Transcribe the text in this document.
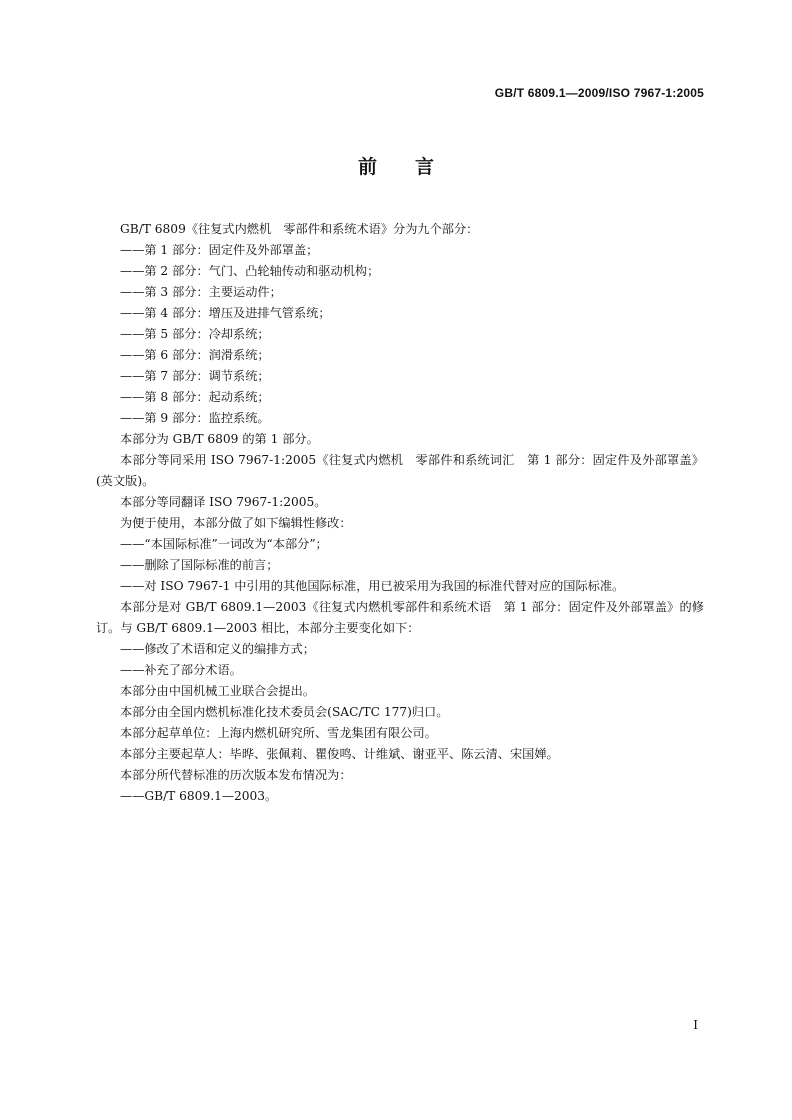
GB/T 6809.1—2009/ISO 7967-1:2005
前言

GB/T 6809《往复式内燃机　零部件和系统术语》分为九个部分：

——第 1 部分：固定件及外部罩盖；

——第 2 部分：气门、凸轮轴传动和驱动机构；

——第 3 部分：主要运动件；

——第 4 部分：增压及进排气管系统；

——第 5 部分：冷却系统；

——第 6 部分：润滑系统；

——第 7 部分：调节系统；

——第 8 部分：起动系统；

——第 9 部分：监控系统。

本部分为 GB/T 6809 的第 1 部分。

本部分等同采用 ISO 7967-1:2005《往复式内燃机　零部件和系统词汇　第 1 部分：固定件及外部罩盖》(英文版)。

本部分等同翻译 ISO 7967-1:2005。

为便于使用，本部分做了如下编辑性修改：

——“本国际标准”一词改为“本部分”；

——删除了国际标准的前言；

——对 ISO 7967-1 中引用的其他国际标准，用已被采用为我国的标准代替对应的国际标准。

本部分是对 GB/T 6809.1—2003《往复式内燃机零部件和系统术语　第 1 部分：固定件及外部罩盖》的修订。与 GB/T 6809.1—2003 相比，本部分主要变化如下：

——修改了术语和定义的编排方式；

——补充了部分术语。

本部分由中国机械工业联合会提出。

本部分由全国内燃机标准化技术委员会(SAC/TC 177)归口。

本部分起草单位：上海内燃机研究所、雪龙集团有限公司。

本部分主要起草人：毕晔、张佩莉、瞿俊鸣、计维斌、谢亚平、陈云清、宋国婵。

本部分所代替标准的历次版本发布情况为：

——GB/T 6809.1—2003。

I
